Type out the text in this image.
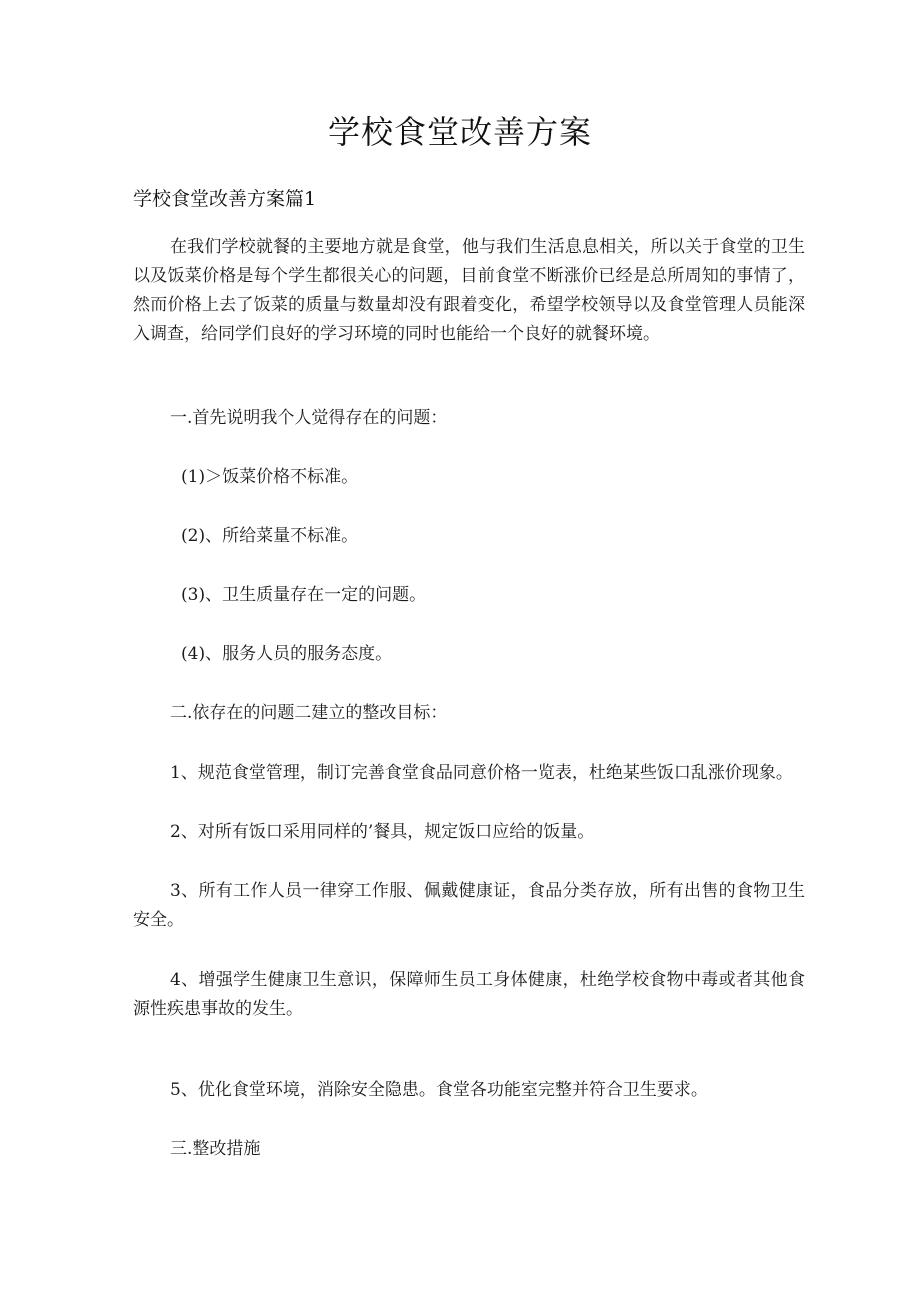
学校食堂改善方案
学校食堂改善方案篇1

在我们学校就餐的主要地方就是食堂，他与我们生活息息相关，所以关于食堂的卫生以及饭菜价格是每个学生都很关心的问题，目前食堂不断涨价已经是总所周知的事情了，然而价格上去了饭菜的质量与数量却没有跟着变化，希望学校领导以及食堂管理人员能深入调查，给同学们良好的学习环境的同时也能给一个良好的就餐环境。

一.首先说明我个人觉得存在的问题：

(1)＞饭菜价格不标准。

(2)、所给菜量不标准。

(3)、卫生质量存在一定的问题。

(4)、服务人员的服务态度。

二.依存在的问题二建立的整改目标：

1、规范食堂管理，制订完善食堂食品同意价格一览表，杜绝某些饭口乱涨价现象。

2、对所有饭口采用同样的’餐具，规定饭口应给的饭量。

3、所有工作人员一律穿工作服、佩戴健康证，食品分类存放，所有出售的食物卫生安全。

4、增强学生健康卫生意识，保障师生员工身体健康，杜绝学校食物中毒或者其他食源性疾患事故的发生。

5、优化食堂环境，消除安全隐患。食堂各功能室完整并符合卫生要求。

三.整改措施
